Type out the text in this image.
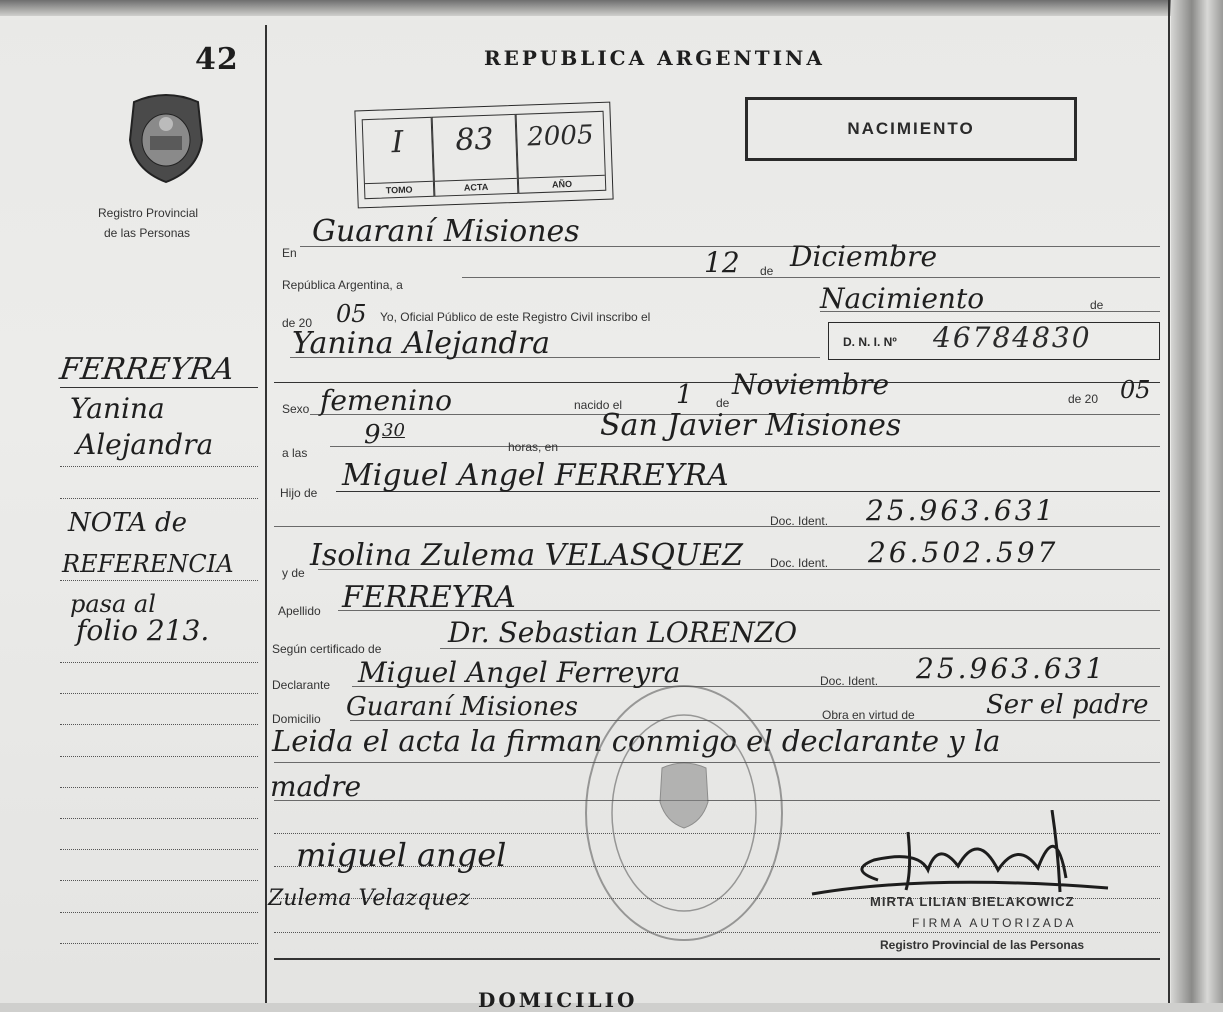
42
Registro Provincial
de las Personas
FERREYRA
Yanina
Alejandra
NOTA de
REFERENCIA
pasa al
folio 213.
REPUBLICA ARGENTINA
NACIMIENTO
I
TOMO
83
ACTA
2005
AÑO
En
Guaraní Misiones
República Argentina, a
12 de Diciembre
de 20 05 Yo, Oficial Público de este Registro Civil inscribo el
Nacimiento	de
Yanina Alejandra	D. N. I. Nº 46784830
Sexo femenino	nacido el 1 de
Noviembre	de 20 05
a las
9 30
horas, en
San Javier Misiones
Hijo de Miguel Angel FERREYRA
Doc. Ident. 25.963.631
y de Isolina Zulema VELASQUEZ Doc. Ident. 26.502.597
Apellido FERREYRA
Según certificado de Dr. Sebastian LORENZO
Declarante Miguel Angel Ferreyra	Doc. Ident. 25.963.631
Domicilio Guaraní Misiones	Obra en virtud de	Ser el padre
Leida el acta la firman conmigo el declarante y la
madre
miguel angel
Zulema Velazquez	MIRTA LILIAN BIELAKOWICZ
FIRMA AUTORIZADA
Registro Provincial de las Personas
DOMICILIO
